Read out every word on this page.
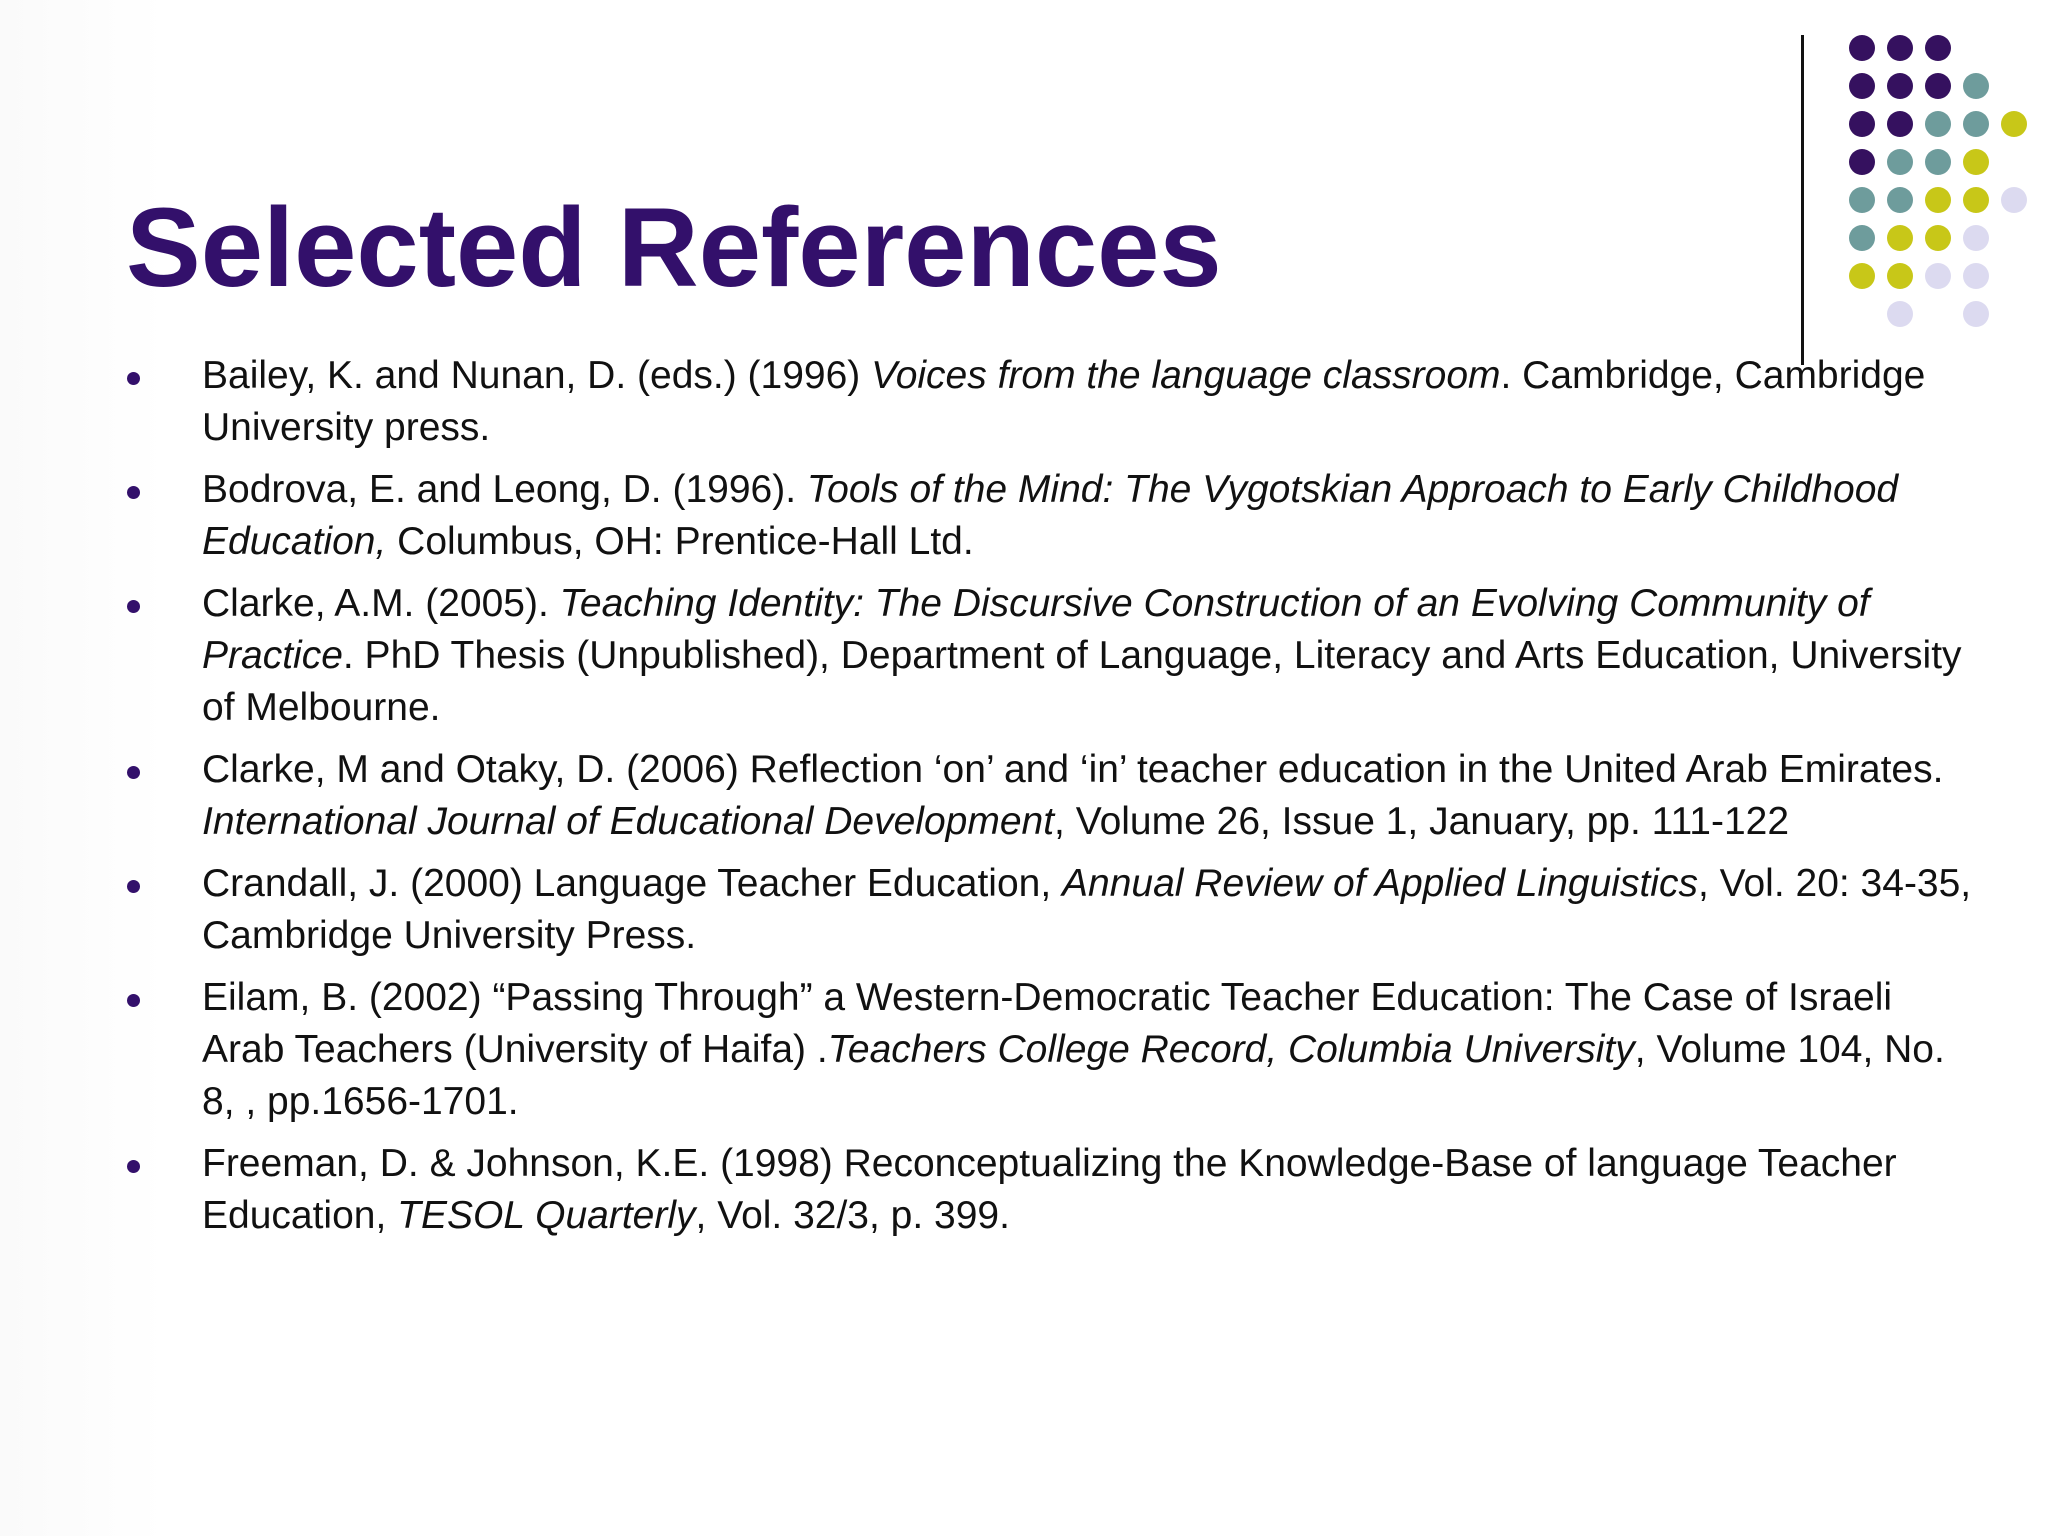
Selected References
Bailey, K. and Nunan, D. (eds.) (1996) Voices from the language classroom. Cambridge, Cambridge University press.
Bodrova, E. and Leong, D. (1996). Tools of the Mind: The Vygotskian Approach to Early Childhood Education, Columbus, OH: Prentice-Hall Ltd.
Clarke, A.M. (2005). Teaching Identity: The Discursive Construction of an Evolving Community of Practice. PhD Thesis (Unpublished), Department of Language, Literacy and Arts Education, University of Melbourne.
Clarke, M and Otaky, D. (2006) Reflection ‘on’ and ‘in’ teacher education in the United Arab Emirates. International Journal of Educational Development, Volume 26, Issue 1, January, pp. 111-122
Crandall, J. (2000) Language Teacher Education, Annual Review of Applied Linguistics, Vol. 20: 34-35, Cambridge University Press.
Eilam, B. (2002) “Passing Through” a Western-Democratic Teacher Education: The Case of Israeli Arab Teachers (University of Haifa) .Teachers College Record, Columbia University, Volume 104, No. 8, , pp.1656-1701.
Freeman, D. & Johnson, K.E. (1998) Reconceptualizing the Knowledge-Base of language Teacher Education, TESOL Quarterly, Vol. 32/3, p. 399.
